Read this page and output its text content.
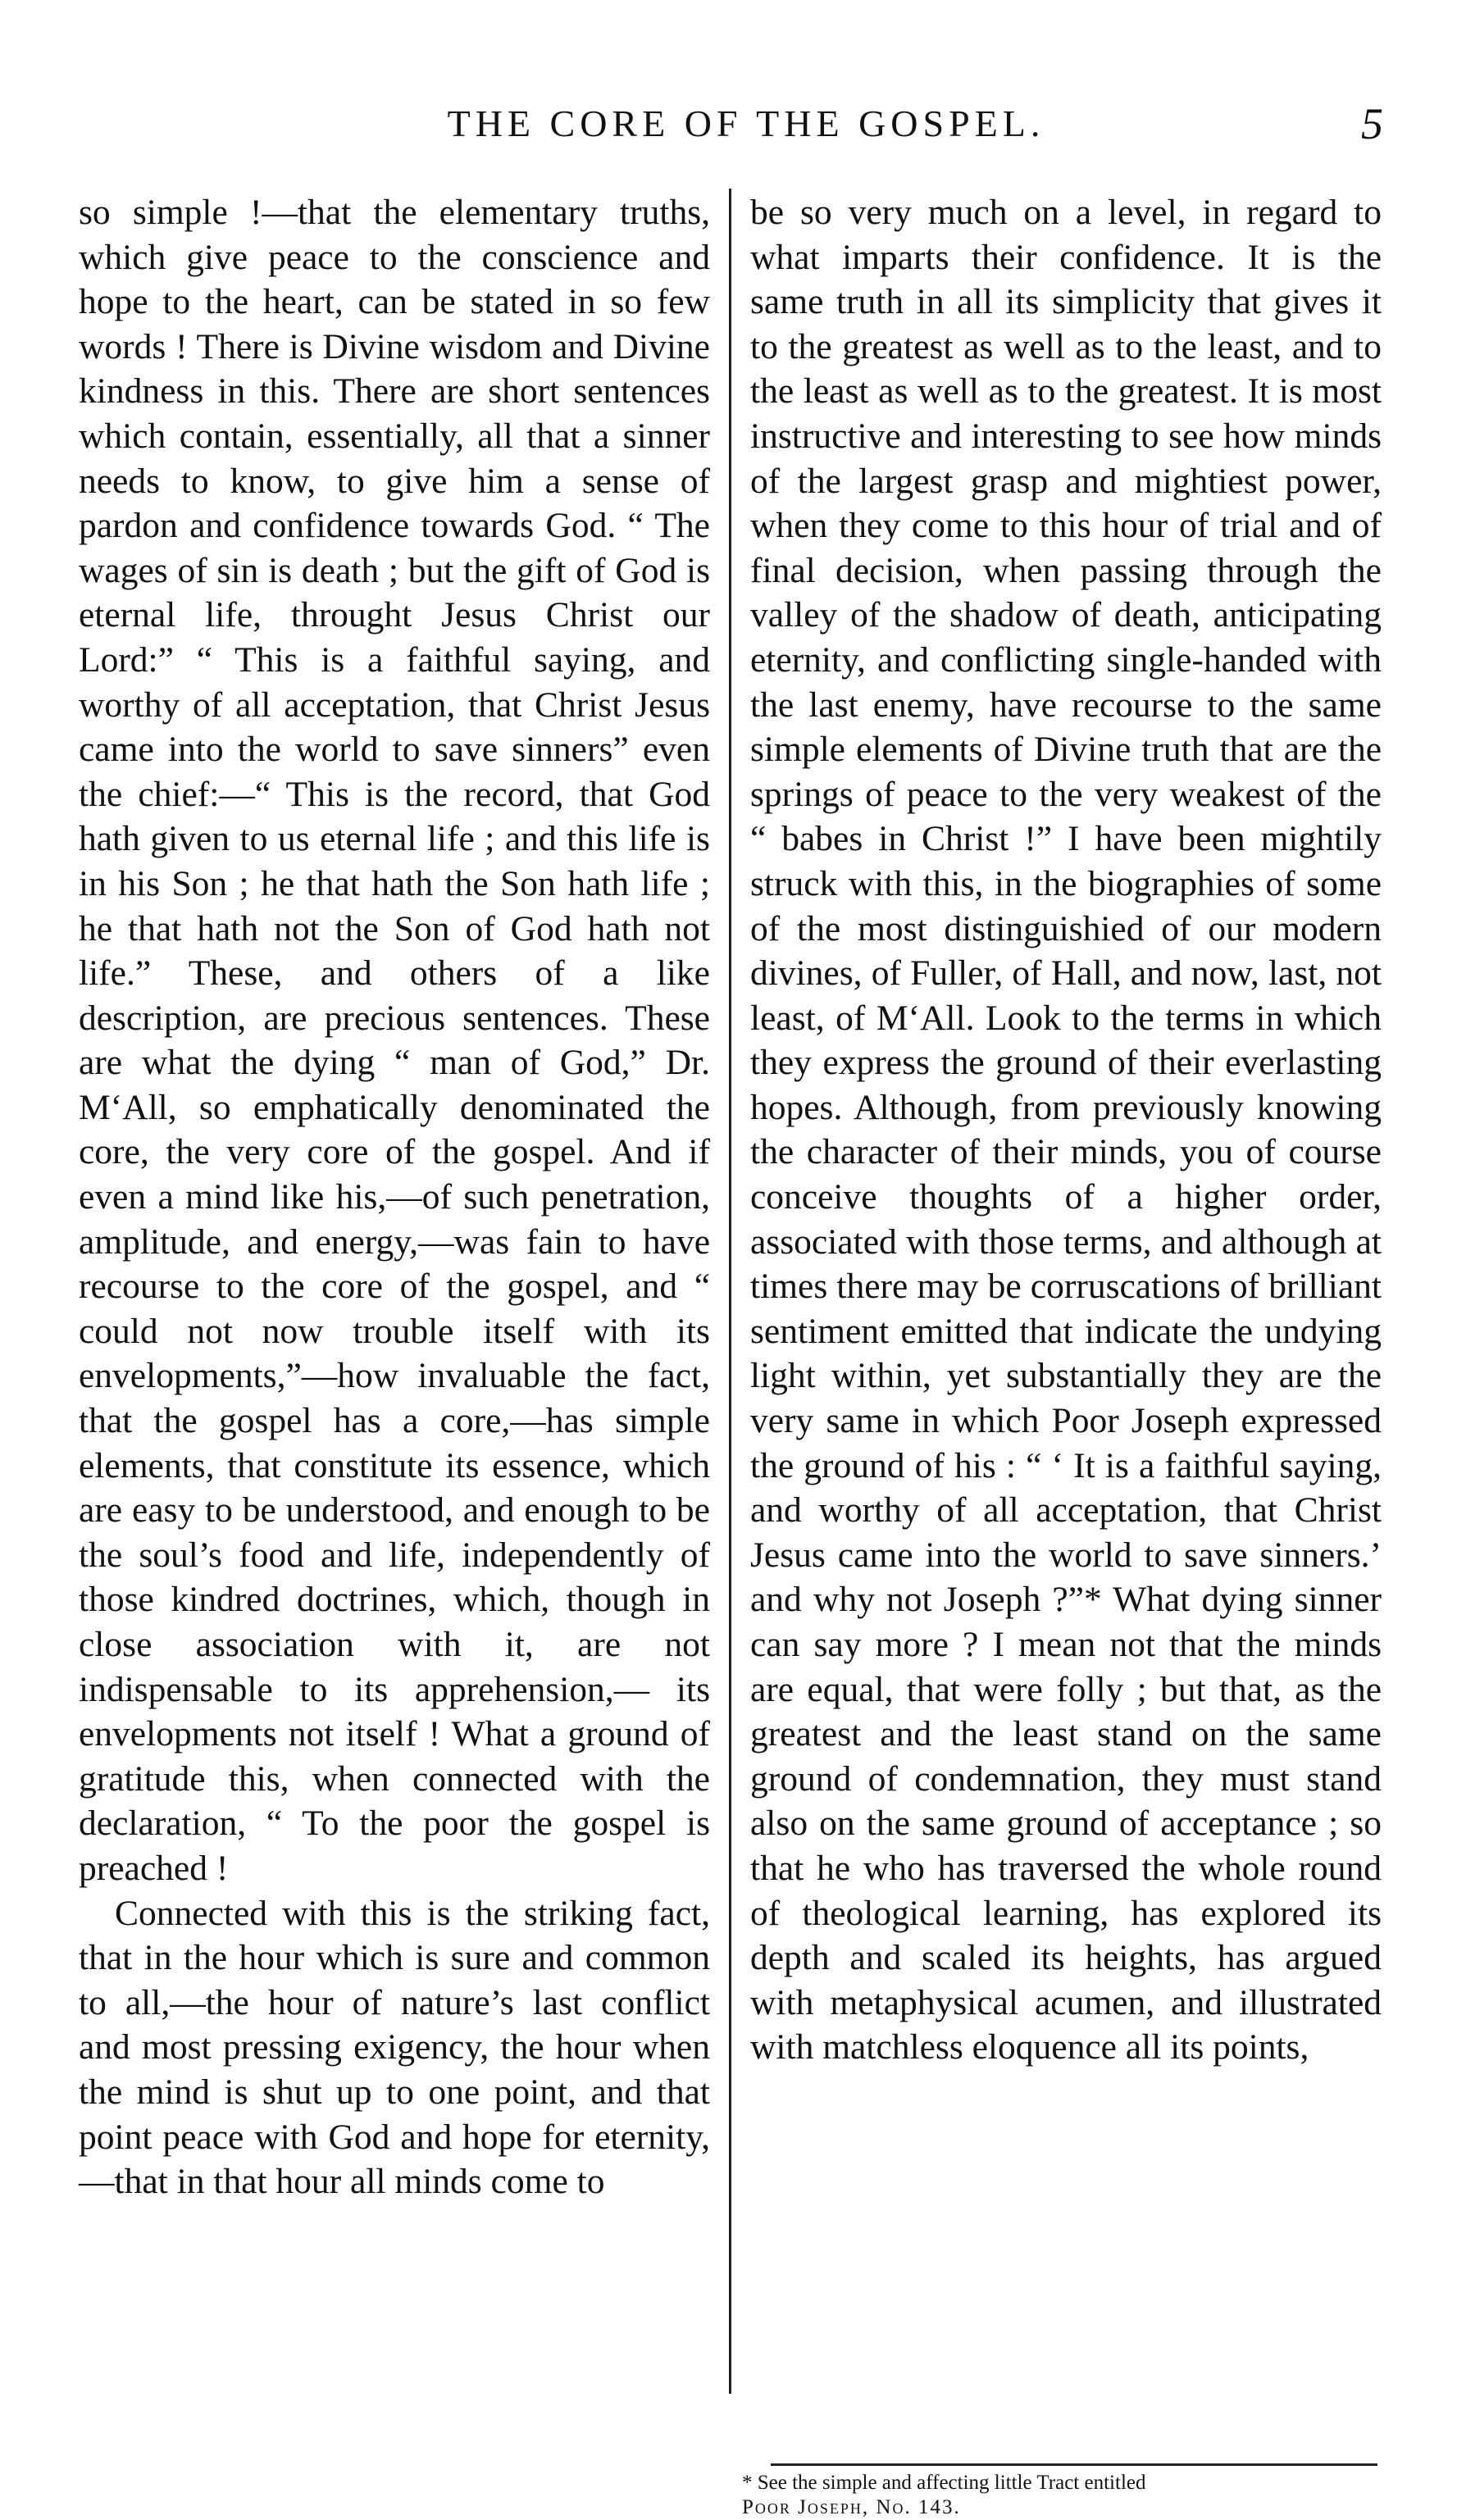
THE CORE OF THE GOSPEL.	5

so simple !—that the elementary truths, which give peace to the conscience and hope to the heart, can be stated in so few words ! There is Divine wisdom and Divine kindness in this. There are short sentences which contain, essentially, all that a sinner needs to know, to give him a sense of pardon and confidence towards God. “ The wages of sin is death ; but the gift of God is eternal life, throught Jesus Christ our Lord:” “ This is a faithful saying, and worthy of all acceptation, that Christ Jesus came into the world to save sinners” even the chief:—“ This is the record, that God hath given to us eternal life ; and this life is in his Son ; he that hath the Son hath life ; he that hath not the Son of God hath not life.” These, and others of a like description, are precious sentences. These are what the dying “ man of God,” Dr. M‘All, so emphatically denominated the core, the very core of the gospel. And if even a mind like his,—of such penetration, amplitude, and energy,—was fain to have recourse to the core of the gospel, and “ could not now trouble itself with its envelopments,”—how invaluable the fact, that the gospel has a core,—has simple elements, that constitute its essence, which are easy to be understood, and enough to be the soul’s food and life, independently of those kindred doctrines, which, though in close association with it, are not indispensable to its apprehension,— its envelopments not itself ! What a ground of gratitude this, when connected with the declaration, “ To the poor the gospel is preached !

Connected with this is the striking fact, that in the hour which is sure and common to all,—the hour of nature’s last conflict and most pressing exigency, the hour when the mind is shut up to one point, and that point peace with God and hope for eternity, —that in that hour all minds come to

be so very much on a level, in regard to what imparts their confidence. It is the same truth in all its simplicity that gives it to the greatest as well as to the least, and to the least as well as to the greatest. It is most instructive and interesting to see how minds of the largest grasp and mightiest power, when they come to this hour of trial and of final decision, when passing through the valley of the shadow of death, anticipating eternity, and conflicting single-handed with the last enemy, have recourse to the same simple elements of Divine truth that are the springs of peace to the very weakest of the “ babes in Christ !” I have been mightily struck with this, in the biographies of some of the most distinguishied of our modern divines, of Fuller, of Hall, and now, last, not least, of M‘All. Look to the terms in which they express the ground of their everlasting hopes. Although, from previously knowing the character of their minds, you of course conceive thoughts of a higher order, associated with those terms, and although at times there may be corruscations of brilliant sentiment emitted that indicate the undying light within, yet substantially they are the very same in which Poor Joseph expressed the ground of his : “ ‘ It is a faithful saying, and worthy of all acceptation, that Christ Jesus came into the world to save sinners.’ and why not Joseph ?”* What dying sinner can say more ? I mean not that the minds are equal, that were folly ; but that, as the greatest and the least stand on the same ground of condemnation, they must stand also on the same ground of acceptance ; so that he who has traversed the whole round of theological learning, has explored its depth and scaled its heights, has argued with metaphysical acumen, and illustrated with matchless eloquence all its points,

* See the simple and affecting little Tract entitled
Poor Joseph, No. 143.
